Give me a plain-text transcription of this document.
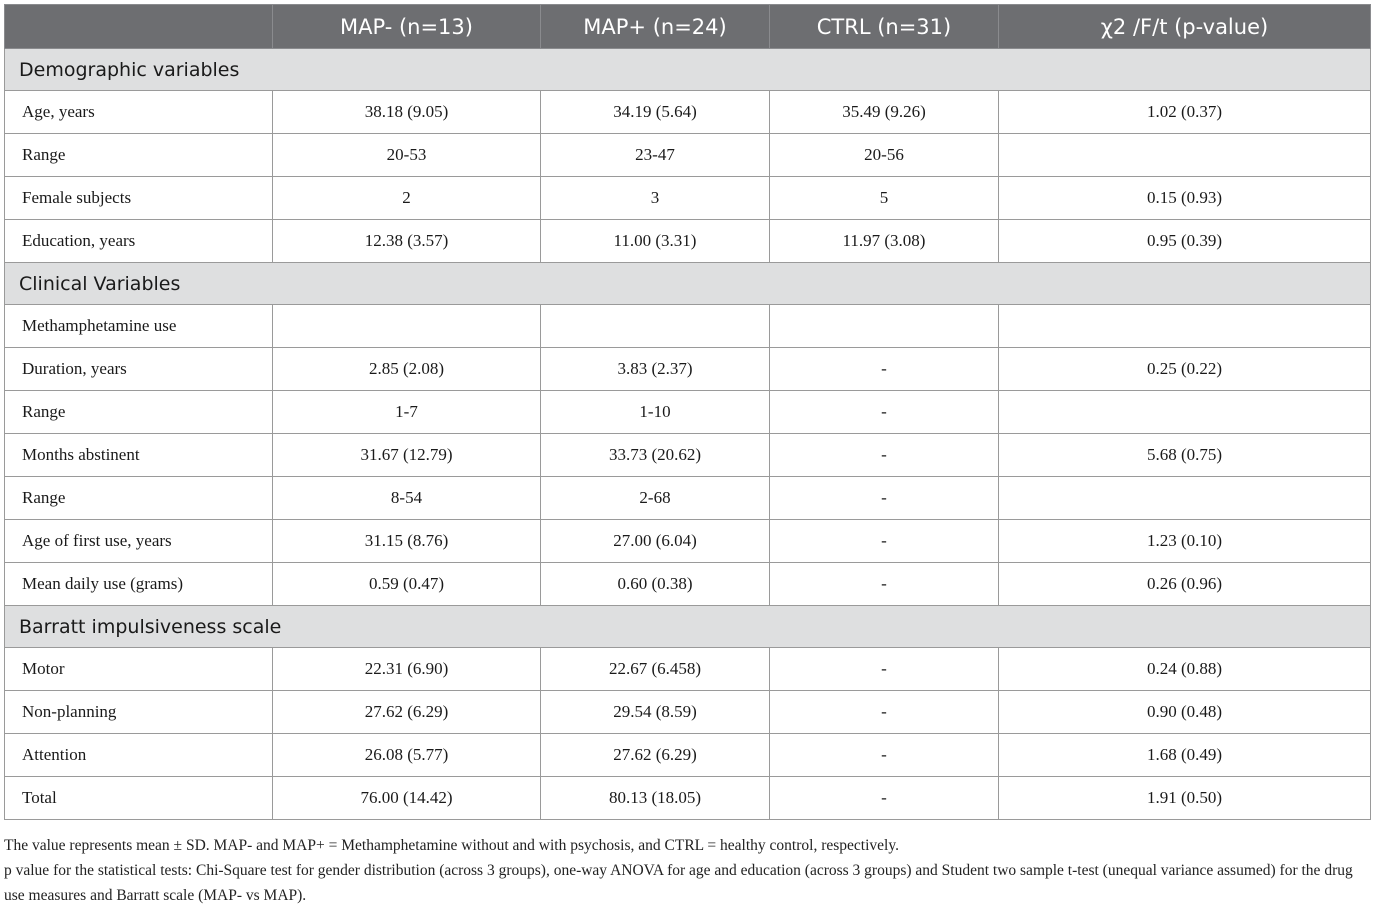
	MAP- (n=13)	MAP+ (n=24)	CTRL (n=31)	χ2 /F/t (p-value)
Demographic variables				
Age, years	38.18 (9.05)	34.19 (5.64)	35.49 (9.26)	1.02 (0.37)
Range	20-53	23-47	20-56	
Female subjects	2	3	5	0.15 (0.93)
Education, years	12.38 (3.57)	11.00 (3.31)	11.97 (3.08)	0.95 (0.39)
Clinical Variables				
Methamphetamine use				
Duration, years	2.85 (2.08)	3.83 (2.37)	-	0.25 (0.22)
Range	1-7	1-10	-	
Months abstinent	31.67 (12.79)	33.73 (20.62)	-	5.68 (0.75)
Range	8-54	2-68	-	
Age of first use, years	31.15 (8.76)	27.00 (6.04)	-	1.23 (0.10)
Mean daily use (grams)	0.59 (0.47)	0.60 (0.38)	-	0.26 (0.96)
Barratt impulsiveness scale				
Motor	22.31 (6.90)	22.67 (6.458)	-	0.24 (0.88)
Non-planning	27.62 (6.29)	29.54 (8.59)	-	0.90 (0.48)
Attention	26.08 (5.77)	27.62 (6.29)	-	1.68 (0.49)
Total	76.00 (14.42)	80.13 (18.05)	-	1.91 (0.50)

The value represents mean ± SD. MAP- and MAP+ = Methamphetamine without and with psychosis, and CTRL = healthy control, respectively.

p value for the statistical tests: Chi-Square test for gender distribution (across 3 groups), one-way ANOVA for age and education (across 3 groups) and Student two sample t-test (unequal variance assumed) for the drug use measures and Barratt scale (MAP- vs MAP).
